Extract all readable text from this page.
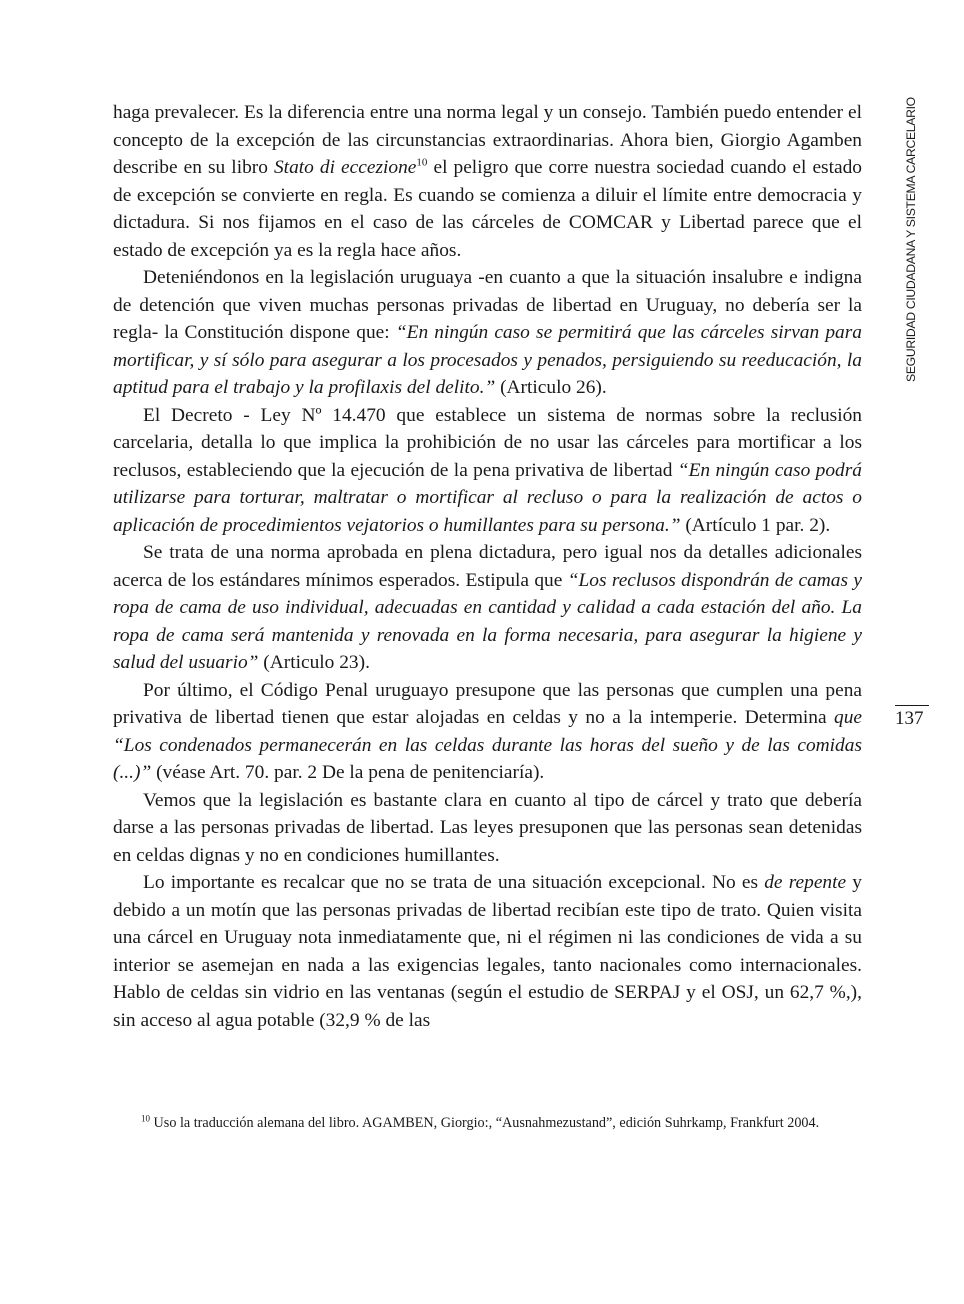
haga prevalecer. Es la diferencia entre una norma legal y un consejo. También puedo entender el concepto de la excepción de las circunstancias extraordinarias. Ahora bien, Giorgio Agamben describe en su libro Stato di eccezione$^{10}$ el peligro que corre nuestra sociedad cuando el estado de excepción se convierte en regla. Es cuando se comienza a diluir el límite entre democracia y dictadura. Si nos fijamos en el caso de las cárceles de COMCAR y Libertad parece que el estado de excepción ya es la regla hace años.

Deteniéndonos en la legislación uruguaya -en cuanto a que la situación insalubre e indigna de detención que viven muchas personas privadas de libertad en Uruguay, no debería ser la regla- la Constitución dispone que: “En ningún caso se permitirá que las cárceles sirvan para mortificar, y sí sólo para asegurar a los procesados y penados, persiguiendo su reeducación, la aptitud para el trabajo y la profilaxis del delito.” (Articulo 26).

El Decreto - Ley Nº 14.470 que establece un sistema de normas sobre la reclusión carcelaria, detalla lo que implica la prohibición de no usar las cárceles para mortificar a los reclusos, estableciendo que la ejecución de la pena privativa de libertad “En ningún caso podrá utilizarse para torturar, maltratar o mortificar al recluso o para la realización de actos o aplicación de procedimientos vejatorios o humillantes para su persona.” (Artículo 1 par. 2).

Se trata de una norma aprobada en plena dictadura, pero igual nos da detalles adicionales acerca de los estándares mínimos esperados. Estipula que “Los reclusos dispondrán de camas y ropa de cama de uso individual, adecuadas en cantidad y calidad a cada estación del año. La ropa de cama será mantenida y renovada en la forma necesaria, para asegurar la higiene y salud del usuario” (Articulo 23).

Por último, el Código Penal uruguayo presupone que las personas que cumplen una pena privativa de libertad tienen que estar alojadas en celdas y no a la intemperie. Determina que “Los condenados permanecerán en las celdas durante las horas del sueño y de las comidas (...)” (véase Art. 70. par. 2 De la pena de penitenciaría).

Vemos que la legislación es bastante clara en cuanto al tipo de cárcel y trato que debería darse a las personas privadas de libertad. Las leyes presuponen que las personas sean detenidas en celdas dignas y no en condiciones humillantes.

Lo importante es recalcar que no se trata de una situación excepcional. No es de repente y debido a un motín que las personas privadas de libertad recibían este tipo de trato. Quien visita una cárcel en Uruguay nota inmediatamente que, ni el régimen ni las condiciones de vida a su interior se asemejan en nada a las exigencias legales, tanto nacionales como internacionales. Hablo de celdas sin vidrio en las ventanas (según el estudio de SERPAJ y el OSJ, un 62,7 %,), sin acceso al agua potable (32,9 % de las

SEGURIDAD CIUDADANA Y SISTEMA CARCELARIO
137

$^{10}$ Uso la traducción alemana del libro. AGAMBEN, Giorgio:, “Ausnahmezustand”, edición Suhrkamp, Frankfurt 2004.
